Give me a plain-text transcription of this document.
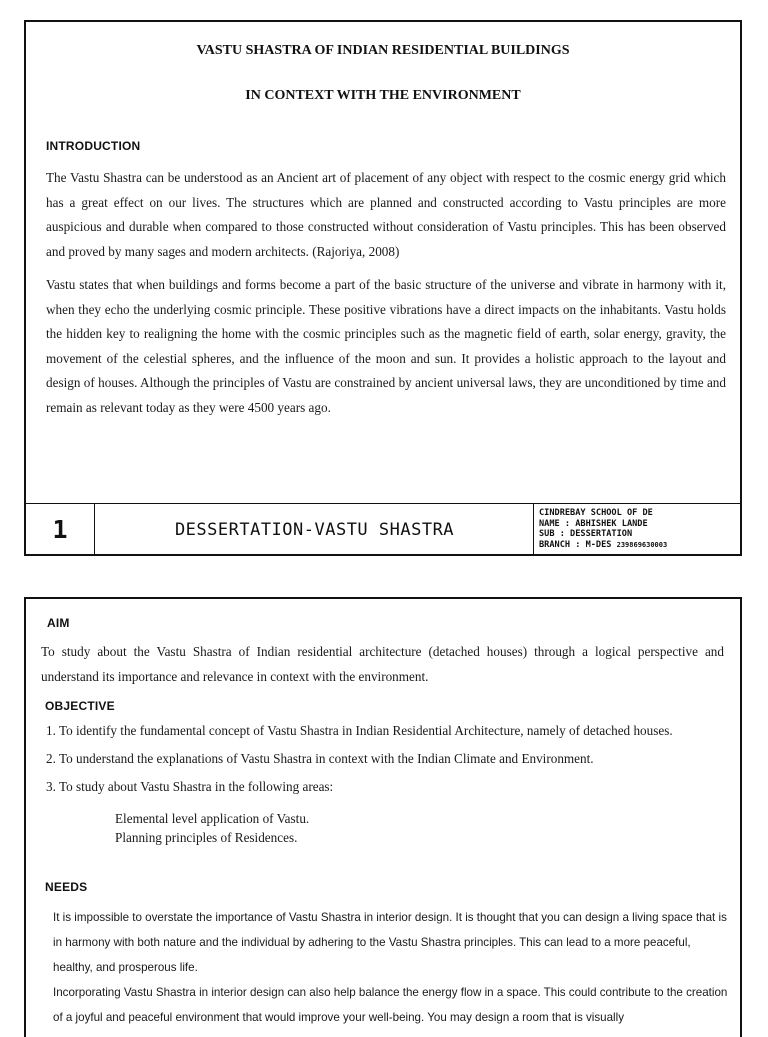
VASTU SHASTRA OF INDIAN RESIDENTIAL BUILDINGS
IN CONTEXT WITH THE ENVIRONMENT
INTRODUCTION
The Vastu Shastra can be understood as an Ancient art of placement of any object with respect to the cosmic energy grid which has a great effect on our lives. The structures which are planned and constructed according to Vastu principles are more auspicious and durable when compared to those constructed without consideration of Vastu principles. This has been observed and proved by many sages and modern architects. (Rajoriya, 2008)
Vastu states that when buildings and forms become a part of the basic structure of the universe and vibrate in harmony with it, when they echo the underlying cosmic principle. These positive vibrations have a direct impacts on the inhabitants. Vastu holds the hidden key to realigning the home with the cosmic principles such as the magnetic field of earth, solar energy, gravity, the movement of the celestial spheres, and the influence of the moon and sun. It provides a holistic approach to the layout and design of houses. Although the principles of Vastu are constrained by ancient universal laws, they are unconditioned by time and remain as relevant today as they were 4500 years ago.
1	DESSERTATION-VASTU SHASTRA
CINDREBAY SCHOOL OF DE
NAME : ABHISHEK LANDE
SUB : DESSERTATION
BRANCH : M-DES 239869630003
AIM
To study about the Vastu Shastra of Indian residential architecture (detached houses) through a logical perspective and understand its importance and relevance in context with the environment.
OBJECTIVE
1. To identify the fundamental concept of Vastu Shastra in Indian Residential Architecture, namely of detached houses.
2. To understand the explanations of Vastu Shastra in context with the Indian Climate and Environment.
3. To study about Vastu Shastra in the following areas:
Elemental level application of Vastu.
Planning principles of Residences.
NEEDS
It is impossible to overstate the importance of Vastu Shastra in interior design. It is thought that you can design a living space that is in harmony with both nature and the individual by adhering to the Vastu Shastra principles. This can lead to a more peaceful, healthy, and prosperous life.
Incorporating Vastu Shastra in interior design can also help balance the energy flow in a space. This could contribute to the creation of a joyful and peaceful environment that would improve your well-being. You may design a room that is visually
